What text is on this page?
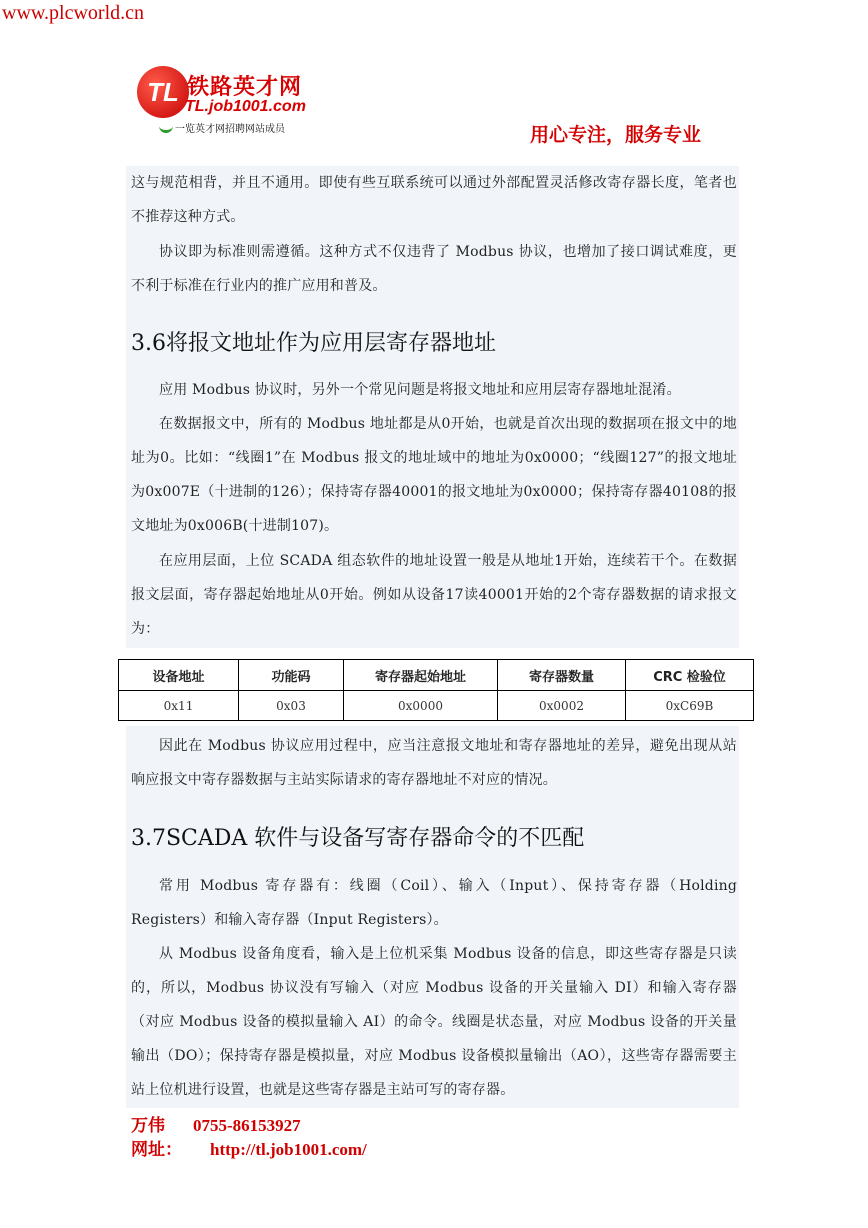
www.plcworld.cn
TL 铁路英才网
TL.job1001.com
一览英才网招聘网站成员	用心专注，服务专业

这与规范相背，并且不通用。即使有些互联系统可以通过外部配置灵活修改寄存器长度，笔者也不推荐这种方式。

协议即为标准则需遵循。这种方式不仅违背了 Modbus 协议，也增加了接口调试难度，更不利于标准在行业内的推广应用和普及。

3.6将报文地址作为应用层寄存器地址

应用 Modbus 协议时，另外一个常见问题是将报文地址和应用层寄存器地址混淆。

在数据报文中，所有的 Modbus 地址都是从0开始，也就是首次出现的数据项在报文中的地址为0。比如：“线圈1”在 Modbus 报文的地址域中的地址为0x0000；“线圈127”的报文地址为0x007E（十进制的126）；保持寄存器40001的报文地址为0x0000；保持寄存器40108的报文地址为0x006B(十进制107)。

在应用层面，上位 SCADA 组态软件的地址设置一般是从地址1开始，连续若干个。在数据报文层面，寄存器起始地址从0开始。例如从设备17读40001开始的2个寄存器数据的请求报文为：

设备地址	功能码	寄存器起始地址	寄存器数量	CRC 检验位
0x11	0x03	0x0000	0x0002	0xC69B

因此在 Modbus 协议应用过程中，应当注意报文地址和寄存器地址的差异，避免出现从站响应报文中寄存器数据与主站实际请求的寄存器地址不对应的情况。

3.7SCADA 软件与设备写寄存器命令的不匹配

常用 Modbus 寄存器有：线圈（Coil）、输入（Input）、保持寄存器（Holding Registers）和输入寄存器（Input Registers）。

从 Modbus 设备角度看，输入是上位机采集 Modbus 设备的信息，即这些寄存器是只读的，所以，Modbus 协议没有写输入（对应 Modbus 设备的开关量输入 DI）和输入寄存器（对应 Modbus 设备的模拟量输入 AI）的命令。线圈是状态量，对应 Modbus 设备的开关量输出（DO）；保持寄存器是模拟量，对应 Modbus 设备模拟量输出（AO），这些寄存器需要主站上位机进行设置，也就是这些寄存器是主站可写的寄存器。

万伟 0755-86153927
网址： http://tl.job1001.com/
